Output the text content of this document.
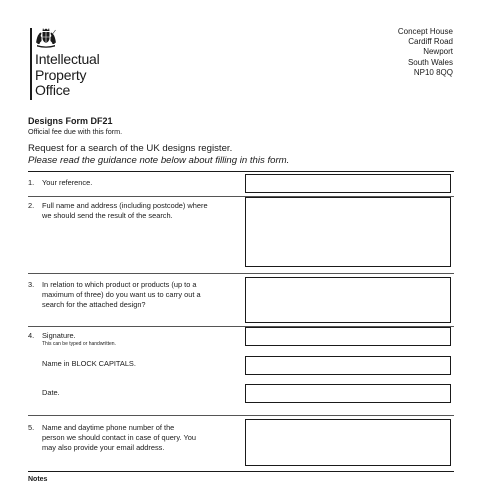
Intellectual
Property
Office
Concept House
Cardiff Road
Newport
South Wales
NP10 8QQ
Designs Form DF21
Official fee due with this form.
Request for a search of the UK designs register.
Please read the guidance note below about filling in this form.
1. Your reference.
2. Full name and address (including postcode) where
we should send the result of the search.
3. In relation to which product or products (up to a
maximum of three) do you want us to carry out a
search for the attached design?
4. Signature.
This can be typed or handwritten.
Name in BLOCK CAPITALS.
Date.
5. Name and daytime phone number of the
person we should contact in case of query. You
may also provide your email address.
Notes
